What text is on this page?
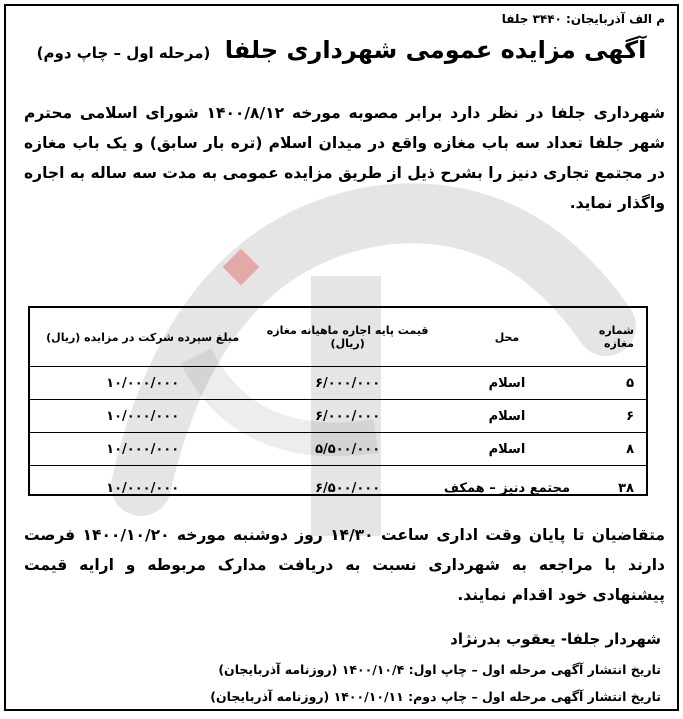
م الف آذربایجان: ۳۴۴۰ جلفا
آگهی مزایده عمومی شهرداری جلفا (مرحله اول – چاپ دوم)
شهرداری جلفا در نظر دارد برابر مصوبه مورخه ۱۴۰۰/۸/۱۲ شورای اسلامی محترم شهر جلفا تعداد سه باب مغازه واقع در میدان اسلام (تره بار سابق) و یک باب مغازه در مجتمع تجاری دنیز را بشرح ذیل از طریق مزایده عمومی به مدت سه ساله به اجاره واگذار نماید.
شماره مغازه	محل	قیمت پایه اجاره ماهیانه مغازه (ریال)	مبلغ سپرده شرکت در مزایده (ریال)
۵	اسلام	۶/۰۰۰/۰۰۰	۱۰/۰۰۰/۰۰۰
۶	اسلام	۶/۰۰۰/۰۰۰	۱۰/۰۰۰/۰۰۰
۸	اسلام	۵/۵۰۰/۰۰۰	۱۰/۰۰۰/۰۰۰
۳۸	مجتمع دنیز – همکف	۶/۵۰۰/۰۰۰	۱۰/۰۰۰/۰۰۰
متقاضیان تا پایان وقت اداری ساعت ۱۴/۳۰ روز دوشنبه مورخه ۱۴۰۰/۱۰/۲۰ فرصت دارند با مراجعه به شهرداری نسبت به دریافت مدارک مربوطه و ارایه قیمت پیشنهادی خود اقدام نمایند.
شهردار جلفا- یعقوب بدرنژاد
تاریخ انتشار آگهی مرحله اول – چاپ اول: ۱۴۰۰/۱۰/۴ (روزنامه آذربایجان)
تاریخ انتشار آگهی مرحله اول – چاپ دوم: ۱۴۰۰/۱۰/۱۱ (روزنامه آذربایجان)
